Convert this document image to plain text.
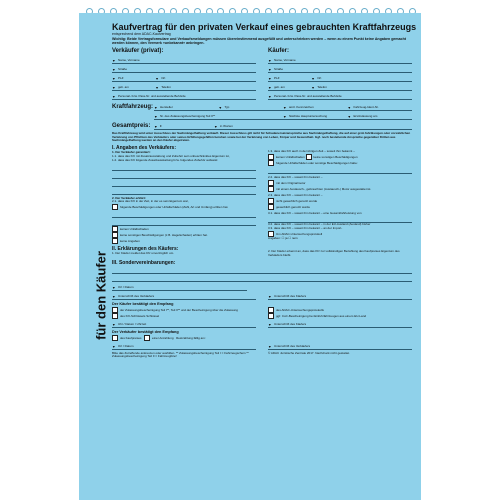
für den Käufer
Kaufvertrag für den privaten Verkauf eines gebrauchten Kraftfahrzeugs
entsprechend dem ADAC-Kaufvertrag
Wichtig: Beide Vertragsformulare und Verkaufsmeldungen müssen übereinstimmend ausgefüllt und unterschrieben werden – wenn zu einem Punkt keine Angaben gemacht werden können, den Vermerk »unbekannt« anbringen.
Verkäufer (privat):
▼ Name, Vorname
▼ Straße
▼ PLZ	▼ Ort
▼ geb. am	▼ Telefon
▼ Personal- bzw. Pass-Nr. und ausstellende Behörde
Käufer:
▼ Name, Vorname
▼ Straße
▼ PLZ	▼ Ort
▼ geb. am	▼ Telefon
▼ Personal- bzw. Pass-Nr. und ausstellende Behörde
Kraftfahrzeug: ▼ Hersteller	▼ Typ	▼ amtl. Kennzeichen	▼ Fahrzeug-Ident-Nr.
▼ Nr. des Zulassungsbescheinigung Teil II**	▼ Nächste Hauptuntersuchung	▼ Erstzulassung am
Gesamtpreis:	▼ €	▼ in Worten
Das Kraftfahrzeug wird unter Ausschluss der Sachmängelhaftung verkauft. Dieser Ausschluss gilt nicht für Schadenersatzansprüche aus Sachmängelhaftung, die auf einer grob fahrlässigen oder vorsätzlichen Verletzung von Pflichten des Verkäufers oder seines Erfüllungsgehilfen beruhen sowie bei der Verletzung von Leben, Körper und Gesundheit. Ggf. noch bestehende Ansprüche gegenüber Dritten aus Sachmängelhaftung werden an den Käufer abgetreten.
I. Angaben des Verkäufers:
1. Der Verkäufer garantiert:
1.1. dass das Kfz mit Zusatzausstattung und Zubehör sein unbeschränktes Eigentum ist,
1.2. dass das Kfz folgende Zusatzausstattung bzw. folgendes Zubehör aufweist:
2. Der Verkäufer erklärt:
2.1. dass das Kfz in der Zeit, in der es sein Eigentum war,
folgende Beschädigungen oder Unfallschäden (Zahl, Art und Umfang) erlitten hat.
keinen Unfallschaden
keine sonstigen Beschädigungen (z.B. Hagelschaden) erlitten hat.
keine Angaben
1.3. dass das Kfz auch in der übrigen Zeit – soweit ihm bekannt –
keinen Unfallschaden	keine sonstigen Beschädigungen
folgende Unfallschäden oder sonstige Beschädigungen hatte:
2.2. dass das Kfz – soweit ihm bekannt –
mit dem Originalmotor
mit einem Austausch-, gebrauchten (Austausch-) Motor ausgestattet ist.
2.3. dass das Kfz – soweit ihm bekannt –
nicht gewerblich genutzt wurde
gewerblich genutzt wurde
3.1. dass das Kfz – soweit ihm bekannt – eine Gesamtfahrleistung von
3.2. dass das Kfz – soweit ihm bekannt – in der EU-Ausland (Ausland) bisher
3.3. dass das Kfz – soweit ihm bekannt – an der Import-
Um ADAC-Untersuchungsprotokoll
Angaben: ☐ ja ☐ nein
II. Erklärungen des Käufers:
1. Der Käufer meldet das Kfz unverzüglich um.	2. Der Käufer erkennt an, dass das Kfz zur vollständigen Bezahlung des Kaufpreises Eigentum des Verkäufers bleibt.
III. Sondervereinbarungen:
▼ Ort / Datum
▼ Unterschrift des Verkäufers	▼ Unterschrift des Käufers
Der Käufer bestätigt den Empfang
der Zulassungsbescheinigung Teil I**, Teil II** und der Bescheinigung über die Zulassung
des Kfz-Schlüssels Schlüssel
des ADAC-Untersuchungsprotokolls
ggf. CoC-Bescheinigung bei Einfuhrfahrzeugen aus einem EU-Land
▼ Uhr / Datum / Uhrzeit	▼ Unterschrift des Käufers
Der Verkäufer bestätigt den Empfang
des Kaufpreises	einer Anzahlung Restzahlung fällig am:
▼ Ort / Datum	▼ Unterschrift des Verkäufers
Bitte das Zutreffende ankreuzen oder ausfüllen. ** Zulassungsbescheinigung Teil I = Fahrzeugschein ** Zulassungsbescheinigung Teil II = Fahrzeugbrief
© ADAC Juristische Zentrale 2017. Nachdruck nicht gestattet.
